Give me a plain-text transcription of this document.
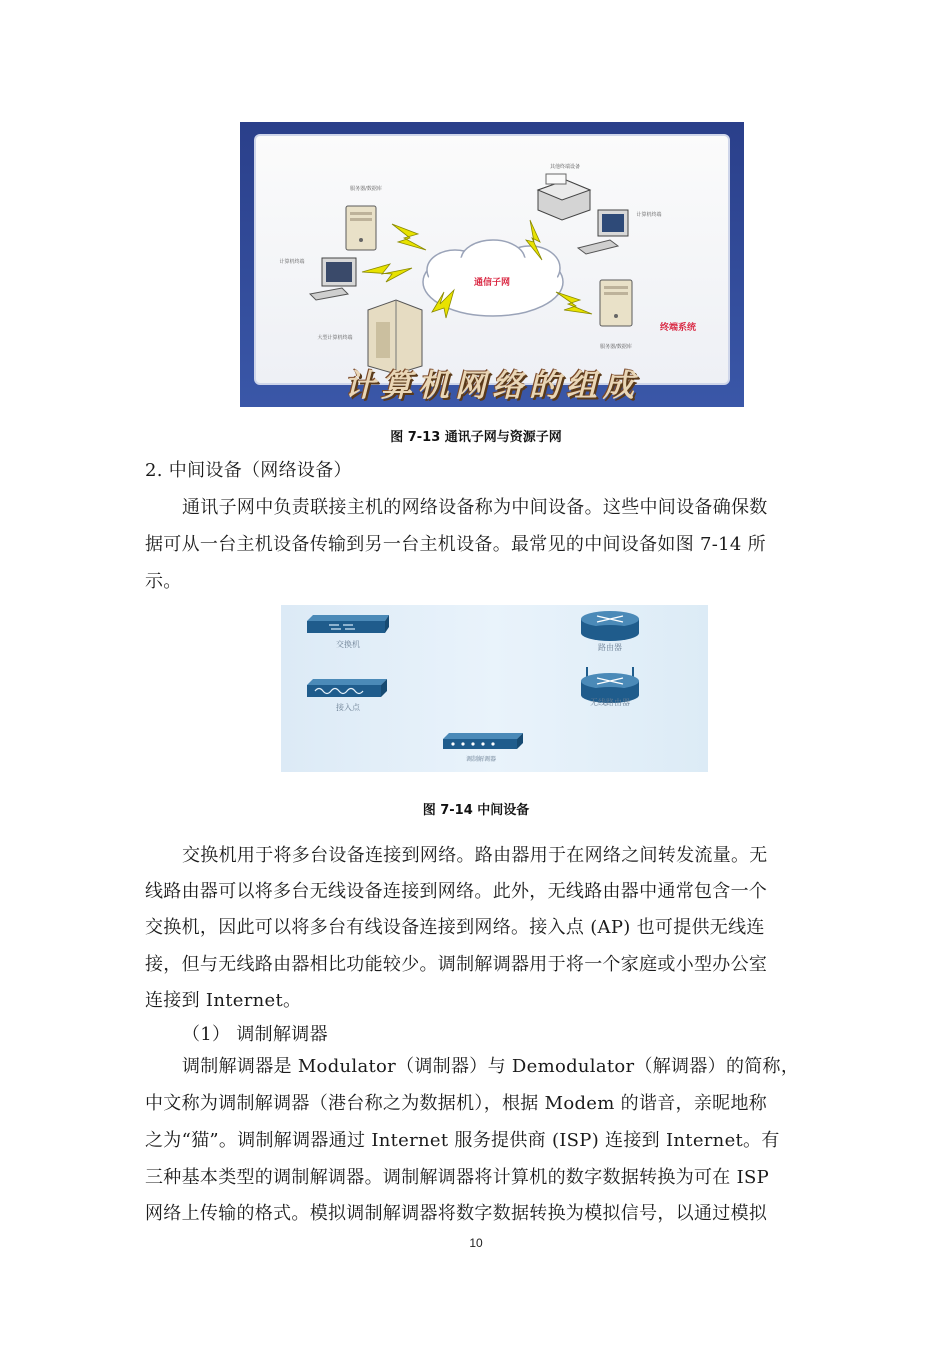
通信子网
服务器/数据库
计算机终端
大型计算机终端
其他终端设备
计算机终端
服务器/数据库
终端系统
计算机网络的组成
图 7-13 通讯子网与资源子网
2. 中间设备（网络设备）
通讯子网中负责联接主机的网络设备称为中间设备。这些中间设备确保数
据可从一台主机设备传输到另一台主机设备。最常见的中间设备如图 7-14 所
示。
交换机	路由器
接入点
无线路由器
调制解调器
图 7-14 中间设备
交换机用于将多台设备连接到网络。路由器用于在网络之间转发流量。无
线路由器可以将多台无线设备连接到网络。此外，无线路由器中通常包含一个
交换机，因此可以将多台有线设备连接到网络。接入点 (AP) 也可提供无线连
接，但与无线路由器相比功能较少。调制解调器用于将一个家庭或小型办公室
连接到 Internet。
（1） 调制解调器
调制解调器是 Modulator（调制器）与 Demodulator（解调器）的简称，
中文称为调制解调器（港台称之为数据机），根据 Modem 的谐音，亲昵地称
之为“猫”。调制解调器通过 Internet 服务提供商 (ISP) 连接到 Internet。有
三种基本类型的调制解调器。调制解调器将计算机的数字数据转换为可在 ISP
网络上传输的格式。模拟调制解调器将数字数据转换为模拟信号，以通过模拟
10
